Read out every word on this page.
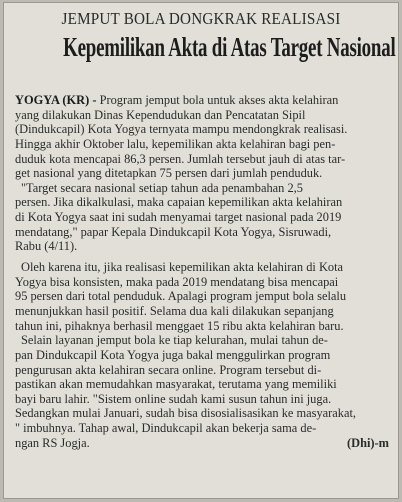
JEMPUT BOLA DONGKRAK REALISASI
Kepemilikan Akta di Atas Target Nasional
YOGYA (KR) - Program jemput bola untuk akses akta kelahiran
yang dilakukan Dinas Kependudukan dan Pencatatan Sipil
(Dindukcapil) Kota Yogya ternyata mampu mendongkrak realisasi.
Hingga akhir Oktober lalu, kepemilikan akta kelahiran bagi pen-
duduk kota mencapai 86,3 persen. Jumlah tersebut jauh di atas tar-
get nasional yang ditetapkan 75 persen dari jumlah penduduk.
"Target secara nasional setiap tahun ada penambahan 2,5
persen. Jika dikalkulasi, maka capaian kepemilikan akta kelahiran
di Kota Yogya saat ini sudah menyamai target nasional pada 2019
mendatang," papar Kepala Dindukcapil Kota Yogya, Sisruwadi,
Rabu (4/11).
Oleh karena itu, jika realisasi kepemilikan akta kelahiran di Kota
Yogya bisa konsisten, maka pada 2019 mendatang bisa mencapai
95 persen dari total penduduk. Apalagi program jemput bola selalu
menunjukkan hasil positif. Selama dua kali dilakukan sepanjang
tahun ini, pihaknya berhasil menggaet 15 ribu akta kelahiran baru.
Selain layanan jemput bola ke tiap kelurahan, mulai tahun de-
pan Dindukcapil Kota Yogya juga bakal menggulirkan program
pengurusan akta kelahiran secara online. Program tersebut di-
pastikan akan memudahkan masyarakat, terutama yang memiliki
bayi baru lahir. "Sistem online sudah kami susun tahun ini juga.
Sedangkan mulai Januari, sudah bisa disosialisasikan ke masyarakat,
" imbuhnya. Tahap awal, Dindukcapil akan bekerja sama de-
ngan RS Jogja.	(Dhi)-m
